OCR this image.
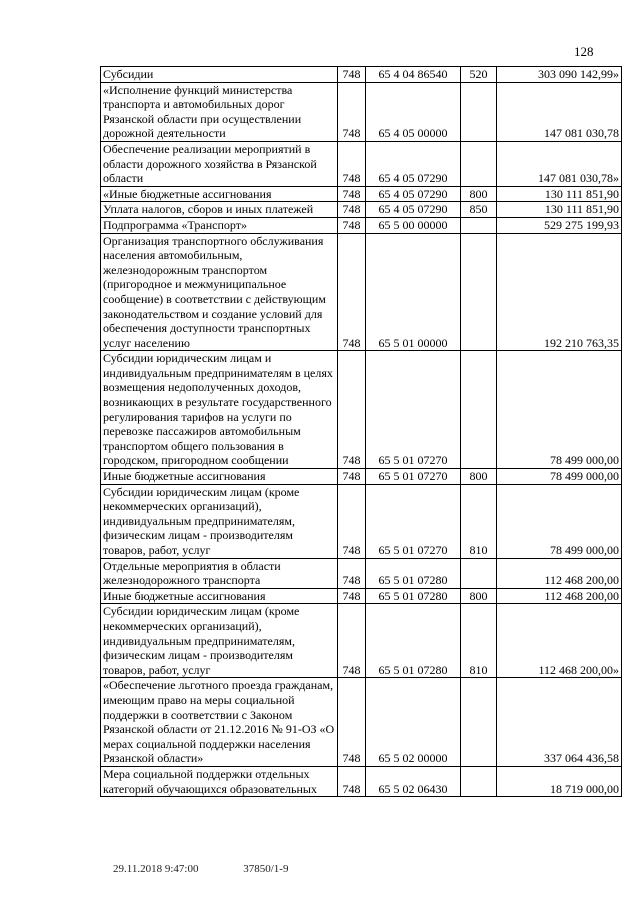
128
Субсидии	748	65 4 04 86540	520	303 090 142,99»
«Исполнение функций министерства транспорта и автомобильных дорог Рязанской области при осуществлении дорожной деятельности	748	65 4 05 00000		147 081 030,78
Обеспечение реализации мероприятий в области дорожного хозяйства в Рязанской области	748	65 4 05 07290		147 081 030,78»
«Иные бюджетные ассигнования	748	65 4 05 07290	800	130 111 851,90
Уплата налогов, сборов и иных платежей	748	65 4 05 07290	850	130 111 851,90
Подпрограмма «Транспорт»	748	65 5 00 00000		529 275 199,93
Организация транспортного обслуживания населения автомобильным, железнодорожным транспортом (пригородное и межмуниципальное сообщение) в соответствии с действующим законодательством и создание условий для обеспечения доступности транспортных услуг населению	748	65 5 01 00000		192 210 763,35
Субсидии юридическим лицам и индивидуальным предпринимателям в целях возмещения недополученных доходов, возникающих в результате государственного регулирования тарифов на услуги по перевозке пассажиров автомобильным транспортом общего пользования в городском, пригородном сообщении	748	65 5 01 07270		78 499 000,00
Иные бюджетные ассигнования	748	65 5 01 07270	800	78 499 000,00
Субсидии юридическим лицам (кроме некоммерческих организаций), индивидуальным предпринимателям, физическим лицам - производителям товаров, работ, услуг	748	65 5 01 07270	810	78 499 000,00
Отдельные мероприятия в области железнодорожного транспорта	748	65 5 01 07280		112 468 200,00
Иные бюджетные ассигнования	748	65 5 01 07280	800	112 468 200,00
Субсидии юридическим лицам (кроме некоммерческих организаций), индивидуальным предпринимателям, физическим лицам - производителям товаров, работ, услуг	748	65 5 01 07280	810	112 468 200,00»
«Обеспечение льготного проезда гражданам, имеющим право на меры социальной поддержки в соответствии с Законом Рязанской области от 21.12.2016 № 91-ОЗ «О мерах социальной поддержки населения Рязанской области»	748	65 5 02 00000		337 064 436,58
Мера социальной поддержки отдельных категорий обучающихся образовательных	748	65 5 02 06430		18 719 000,00
29.11.2018 9:47:00	37850/1-9
